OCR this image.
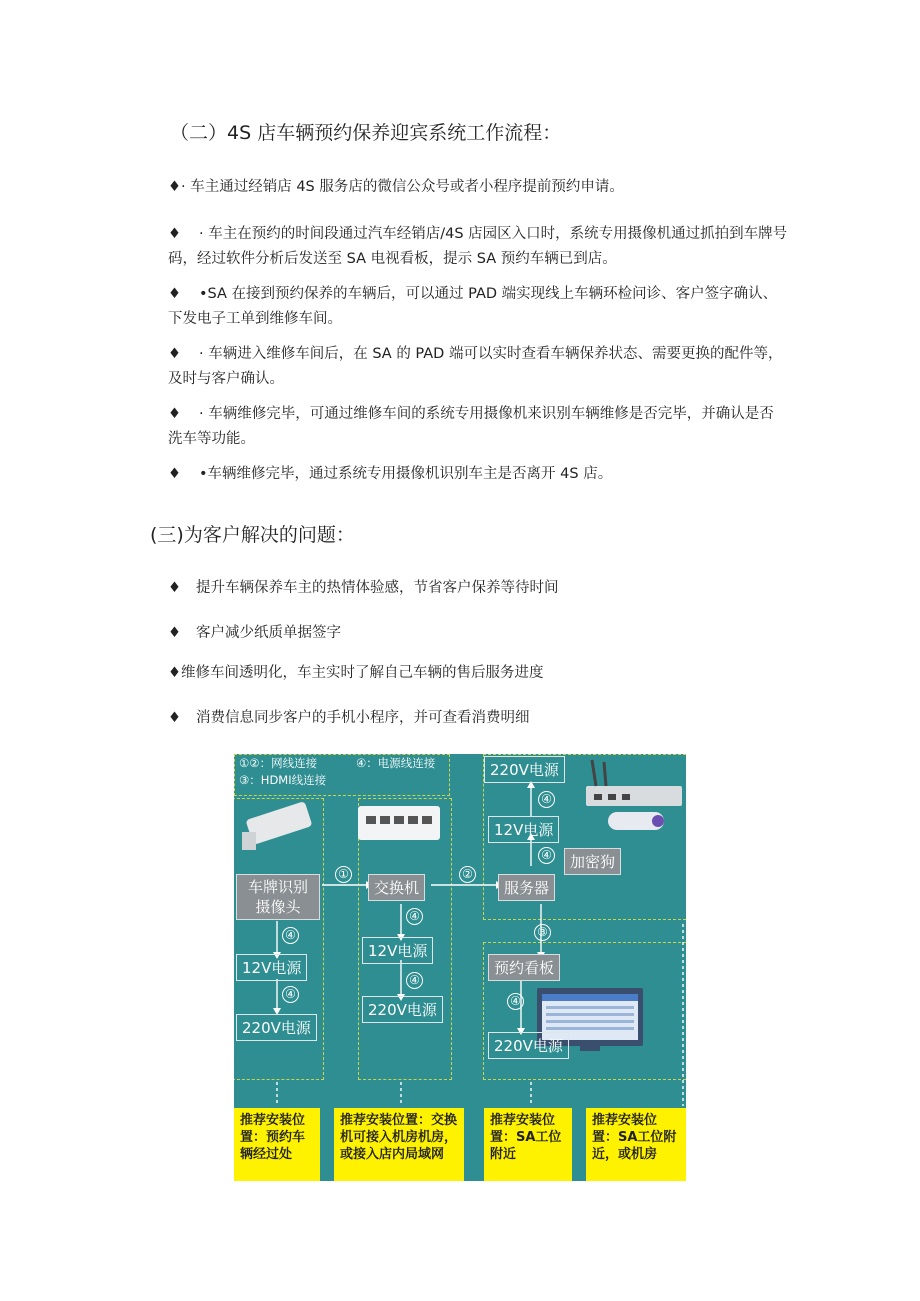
（二）4S 店车辆预约保养迎宾系统工作流程：
♦· 车主通过经销店 4S 服务店的微信公众号或者小程序提前预约申请。
♦ · 车主在预约的时间段通过汽车经销店/4S 店园区入口时，系统专用摄像机通过抓拍到车牌号码，经过软件分析后发送至 SA 电视看板，提示 SA 预约车辆已到店。
♦ •SA 在接到预约保养的车辆后，可以通过 PAD 端实现线上车辆环检问诊、客户签字确认、下发电子工单到维修车间。
♦ · 车辆进入维修车间后，在 SA 的 PAD 端可以实时查看车辆保养状态、需要更换的配件等，及时与客户确认。
♦ · 车辆维修完毕，可通过维修车间的系统专用摄像机来识别车辆维修是否完毕，并确认是否洗车等功能。
♦ •车辆维修完毕，通过系统专用摄像机识别车主是否离开 4S 店。
(三)为客户解决的问题：
♦ 提升车辆保养车主的热情体验感，节省客户保养等待时间
♦ 客户减少纸质单据签字
♦维修车间透明化，车主实时了解自己车辆的售后服务进度
♦ 消费信息同步客户的手机小程序，并可查看消费明细
①②：网线连接
③：HDMI线连接
④：电源线连接
车牌识别
摄像头
交换机	服务器
加密狗
预约看板
220V电源
12V电源
12V电源
220V电源
12V电源
220V电源
220V电源
①	②
③
④
④
④
④
④
④
④
推荐安装位置：预约车辆经过处
推荐安装位置：交换机可接入机房机房，或接入店内局域网
推荐安装位置：SA工位附近
推荐安装位置：SA工位附近，或机房
